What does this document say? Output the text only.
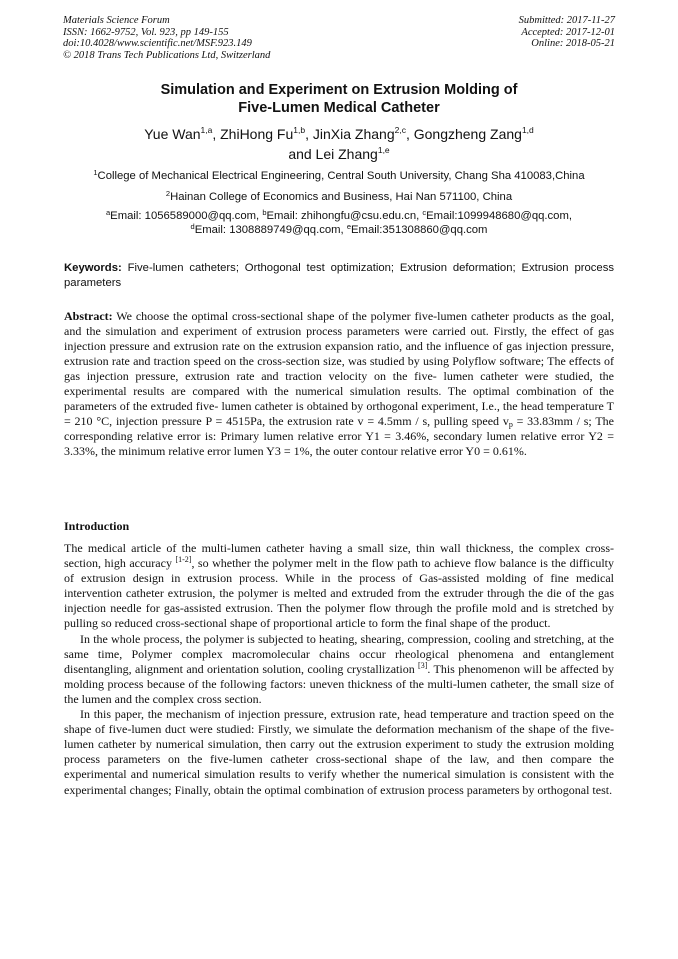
Materials Science Forum
ISSN: 1662-9752, Vol. 923, pp 149-155
doi:10.4028/www.scientific.net/MSF.923.149
© 2018 Trans Tech Publications Ltd, Switzerland
Submitted: 2017-11-27
Accepted: 2017-12-01
Online: 2018-05-21
Simulation and Experiment on Extrusion Molding of
Five-Lumen Medical Catheter
Yue Wan$^{1,a}$, ZhiHong Fu$^{1,b}$, JinXia Zhang$^{2,c}$, Gongzheng Zang$^{1,d}$
and Lei Zhang$^{1,e}$
$^1$College of Mechanical Electrical Engineering, Central South University, Chang Sha 410083,China
$^2$Hainan College of Economics and Business, Hai Nan 571100, China
$^a$Email: 1056589000@qq.com, $^b$Email: zhihongfu@csu.edu.cn, $^c$Email:1099948680@qq.com,
$^d$Email: 1308889749@qq.com, $^e$Email:351308860@qq.com
Keywords: Five-lumen catheters; Orthogonal test optimization; Extrusion deformation; Extrusion process parameters
Abstract: We choose the optimal cross-sectional shape of the polymer five-lumen catheter products as the goal, and the simulation and experiment of extrusion process parameters were carried out. Firstly, the effect of gas injection pressure and extrusion rate on the extrusion expansion ratio, and the influence of gas injection pressure, extrusion rate and traction speed on the cross-section size, was studied by using Polyflow software; The effects of gas injection pressure, extrusion rate and traction velocity on the five- lumen catheter were studied, the experimental results are compared with the numerical simulation results. The optimal combination of the parameters of the extruded five- lumen catheter is obtained by orthogonal experiment, I.e., the head temperature T = 210 °C, injection pressure P = 4515Pa, the extrusion rate v = 4.5mm / s, pulling speed $v_p = 33.83mm / s$; The corresponding relative error is: Primary lumen relative error Y1 = 3.46%, secondary lumen relative error Y2 = 3.33%, the minimum relative error lumen Y3 = 1%, the outer contour relative error Y0 = 0.61%.
Introduction

The medical article of the multi-lumen catheter having a small size, thin wall thickness, the complex cross-section, high accuracy [1-2], so whether the polymer melt in the flow path to achieve flow balance is the difficulty of extrusion design in extrusion process. While in the process of Gas-assisted molding of fine medical intervention catheter extrusion, the polymer is melted and extruded from the extruder through the die of the gas injection needle for gas-assisted extrusion. Then the polymer flow through the profile mold and is stretched by pulling so reduced cross-sectional shape of proportional article to form the final shape of the product.

In the whole process, the polymer is subjected to heating, shearing, compression, cooling and stretching, at the same time, Polymer complex macromolecular chains occur rheological phenomena and entanglement disentangling, alignment and orientation solution, cooling crystallization [3]. This phenomenon will be affected by molding process because of the following factors: uneven thickness of the multi-lumen catheter, the small size of the lumen and the complex cross section.

In this paper, the mechanism of injection pressure, extrusion rate, head temperature and traction speed on the shape of five-lumen duct were studied: Firstly, we simulate the deformation mechanism of the shape of the five-lumen catheter by numerical simulation, then carry out the extrusion experiment to study the extrusion molding process parameters on the five-lumen catheter cross-sectional shape of the law, and then compare the experimental and numerical simulation results to verify whether the numerical simulation is consistent with the experimental changes; Finally, obtain the optimal combination of extrusion process parameters by orthogonal test.
